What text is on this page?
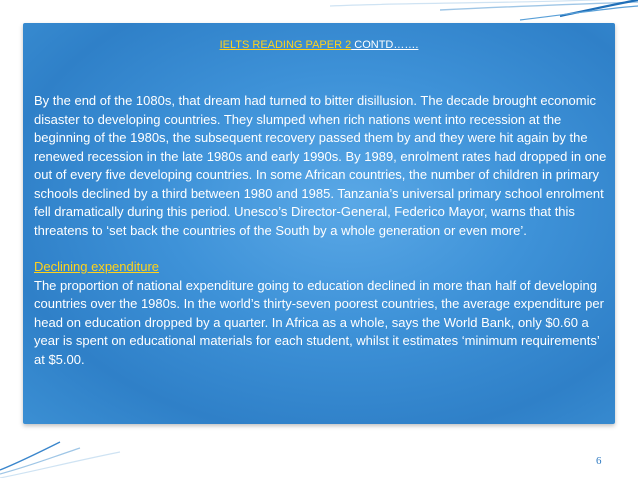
IELTS READING PAPER 2 CONTD…….

By the end of the 1080s, that dream had turned to bitter disillusion. The decade brought economic disaster to developing countries. They slumped when rich nations went into recession at the beginning of the 1980s, the subsequent recovery passed them by and they were hit again by the renewed recession in the late 1980s and early 1990s. By 1989, enrolment rates had dropped in one out of every five developing countries. In some African countries, the number of children in primary schools declined by a third between 1980 and 1985. Tanzania’s universal primary school enrolment fell dramatically during this period. Unesco’s Director-General, Federico Mayor, warns that this threatens to ‘set back the countries of the South by a whole generation or even more’.

Declining expenditure

The proportion of national expenditure going to education declined in more than half of developing countries over the 1980s. In the world’s thirty-seven poorest countries, the average expenditure per head on education dropped by a quarter. In Africa as a whole, says the World Bank, only $0.60 a year is spent on educational materials for each student, whilst it estimates ‘minimum requirements’ at $5.00.

6
